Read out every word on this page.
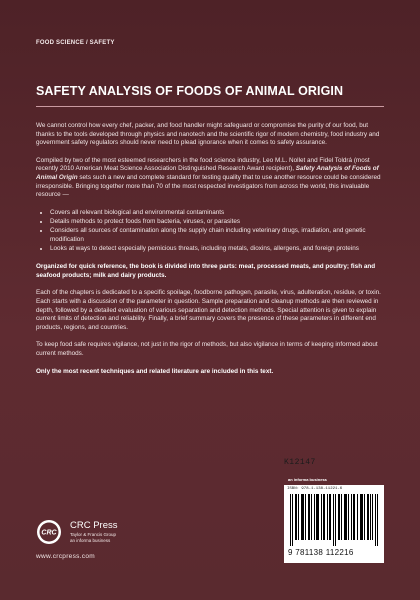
FOOD SCIENCE / SAFETY
SAFETY ANALYSIS OF FOODS OF ANIMAL ORIGIN

We cannot control how every chef, packer, and food handler might safeguard or compromise the purity of our food, but thanks to the tools developed through physics and nanotech and the scientific rigor of modern chemistry, food industry and government safety regulators should never need to plead ignorance when it comes to safety assurance.

Compiled by two of the most esteemed researchers in the food science industry, Leo M.L. Nollet and Fidel Toldrá (most recently 2010 American Meat Science Association Distinguished Research Award recipient), Safety Analysis of Foods of Animal Origin sets such a new and complete standard for testing quality that to use another resource could be considered irresponsible. Bringing together more than 70 of the most respected investigators from across the world, this invaluable resource —

• Covers all relevant biological and environmental contaminants
• Details methods to protect foods from bacteria, viruses, or parasites
• Considers all sources of contamination along the supply chain including veterinary drugs, irradiation, and genetic modification
• Looks at ways to detect especially pernicious threats, including metals, dioxins, allergens, and foreign proteins

Organized for quick reference, the book is divided into three parts: meat, processed meats, and poultry; fish and seafood products; milk and dairy products.

Each of the chapters is dedicated to a specific spoilage, foodborne pathogen, parasite, virus, adulteration, residue, or toxin. Each starts with a discussion of the parameter in question. Sample preparation and cleanup methods are then reviewed in depth, followed by a detailed evaluation of various separation and detection methods. Special attention is given to explain current limits of detection and reliability. Finally, a brief summary covers the presence of these parameters in different end products, regions, and countries.

To keep food safe requires vigilance, not just in the rigor of methods, but also vigilance in terms of keeping informed about current methods.

Only the most recent techniques and related literature are included in this text.

K12147
an informa business
ISBN: 978-1-138-11221-6
9 781138 112216
CRC
CRC Press
Taylor & Francis Group
an informa business
www.crcpress.com
